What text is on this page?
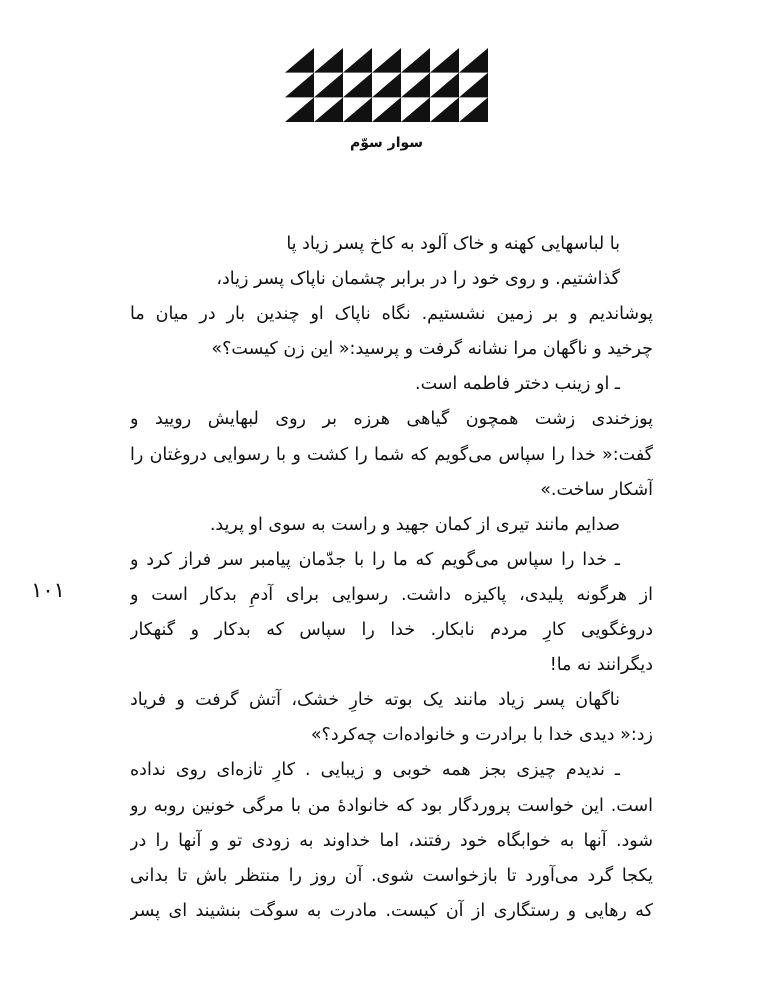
سوار سوّم
۱۰۱
با لباسهایی کهنه و خاک آلود به کاخ پسر زیاد پا
گذاشتیم. و روی خود را در برابر چشمان ناپاک پسر زیاد،
پوشاندیم و بر زمین نشستیم. نگاه ناپاک او چندین بار در میان ما
چرخید و ناگهان مرا نشانه گرفت و پرسید:« این زن کیست؟»
ـ او زینب دختر فاطمه است.
پوزخندی زشت همچون گیاهی هرزه بر روی لبهایش رویید و
گفت:« خدا را سپاس می‌گویم که شما را کشت و با رسوایی دروغتان را
آشکار ساخت.»
صدایم مانند تیری از کمان جهید و راست به سوی او پرید.
ـ خدا را سپاس می‌گویم که ما را با جدّمان پیامبر سر فراز کرد و
از هرگونه پلیدی، پاکیزه داشت. رسوایی برای آدمِ بدکار است و
دروغگویی کارِ مردم نابکار. خدا را سپاس که بدکار و گنهکار
دیگرانند نه ما!
ناگهان پسر زیاد مانند یک بوته خارِ خشک، آتش گرفت و فریاد
زد:« دیدی خدا با برادرت و خانواده‌ات چه‌کرد؟»
ـ ندیدم چیزی بجز همه خوبی و زیبایی . کارِ تازه‌ای روی نداده
است. این خواست پروردگار بود که خانوادهٔ من با مرگی خونین روبه رو
شود. آنها به خوابگاه خود رفتند، اما خداوند به زودی تو و آنها را در
یکجا گرد می‌آورد تا بازخواست شوی. آن روز را منتظر باش تا بدانی
که رهایی و رستگاری از آن کیست. مادرت به سوگت بنشیند ای پسر
